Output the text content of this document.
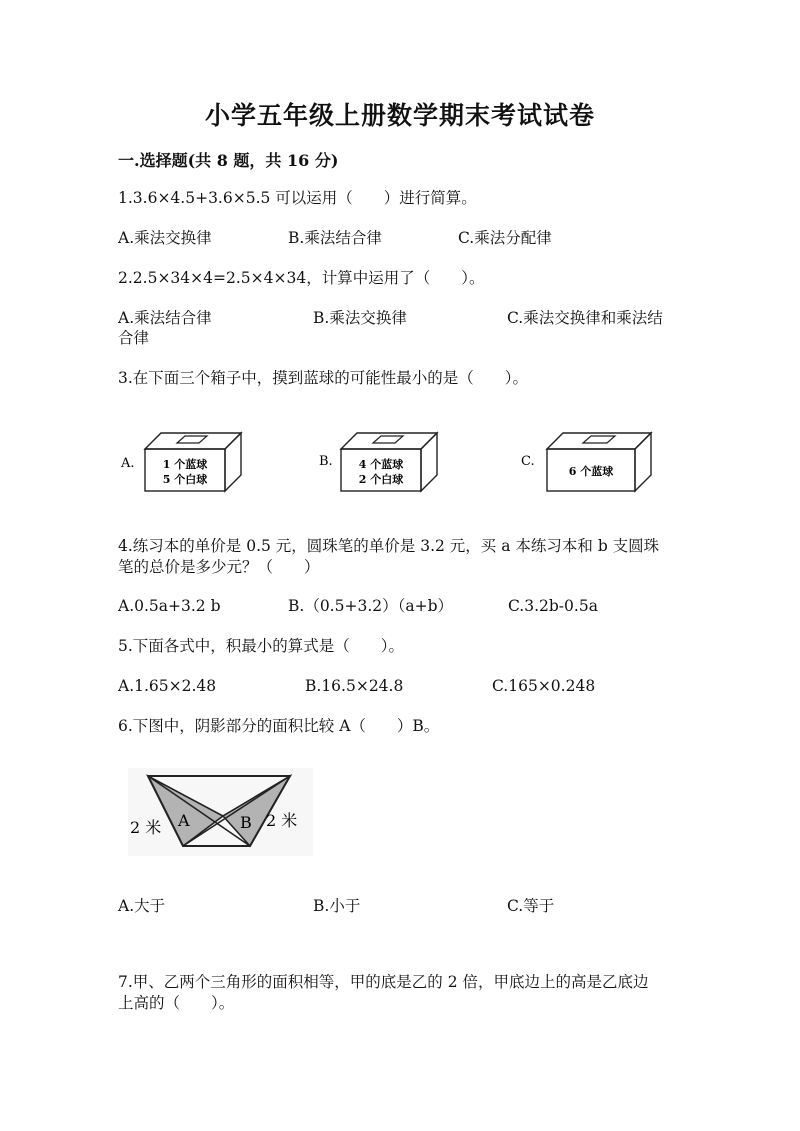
小学五年级上册数学期末考试试卷
一.选择题(共 8 题，共 16 分)
1.3.6×4.5+3.6×5.5 可以运用（　　）进行简算。
A.乘法交换律	B.乘法结合律	C.乘法分配律
2.2.5×34×4=2.5×4×34，计算中运用了（　　）。
A.乘法结合律	B.乘法交换律	C.乘法交换律和乘法结
合律
3.在下面三个箱子中，摸到蓝球的可能性最小的是（　　）。
A.	1 个蓝球
5 个白球
B. 4 个蓝球
2 个白球
C.
6 个蓝球
4.练习本的单价是 0.5 元，圆珠笔的单价是 3.2 元，买 a 本练习本和 b 支圆珠
笔的总价是多少元？（　　）
A.0.5a+3.2 b	B.（0.5+3.2）（a+b）	C.3.2b-0.5a
5.下面各式中，积最小的算式是（　　）。
A.1.65×2.48	B.16.5×24.8	C.165×0.248
6.下图中，阴影部分的面积比较 A（　　）B。
A	B
2 米	2 米
A.大于	B.小于	C.等于
7.甲、乙两个三角形的面积相等，甲的底是乙的 2 倍，甲底边上的高是乙底边
上高的（　　）。
